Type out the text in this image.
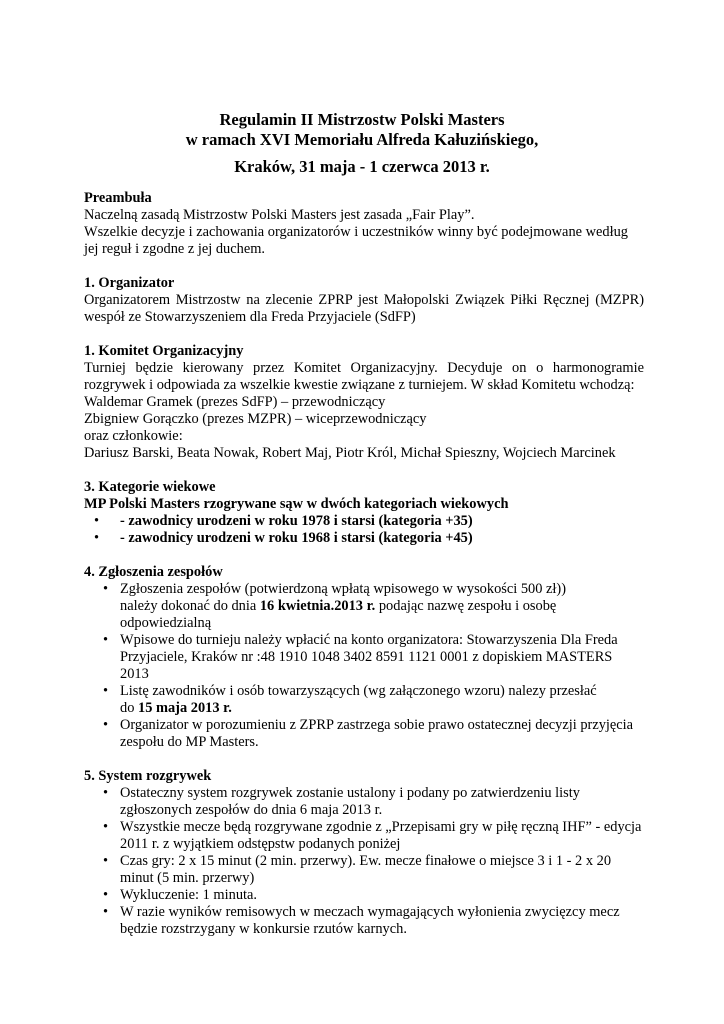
Regulamin II Mistrzostw Polski Masters
w ramach XVI Memoriału Alfreda Kałuzińskiego,
Kraków, 31 maja - 1 czerwca 2013 r.

Preambuła

Naczelną zasadą Mistrzostw Polski Masters jest zasada „Fair Play”.

Wszelkie decyzje i zachowania organizatorów i uczestników winny być podejmowane według jej reguł i zgodne z jej duchem.

1. Organizator

Organizatorem Mistrzostw na zlecenie ZPRP jest Małopolski Związek Piłki Ręcznej (MZPR) wespół ze Stowarzyszeniem dla Freda Przyjaciele (SdFP)

1. Komitet Organizacyjny

Turniej będzie kierowany przez Komitet Organizacyjny. Decyduje on o harmonogramie rozgrywek i odpowiada za wszelkie kwestie związane z turniejem. W skład Komitetu wchodzą:

Waldemar Gramek (prezes SdFP) – przewodniczący

Zbigniew Gorączko (prezes MZPR) – wiceprzewodniczący

oraz członkowie:

Dariusz Barski, Beata Nowak, Robert Maj, Piotr Król, Michał Spieszny, Wojciech Marcinek

3. Kategorie wiekowe

MP Polski Masters rzogrywane sąw w dwóch kategoriach wiekowych

• - zawodnicy urodzeni w roku 1978 i starsi (kategoria +35)
• - zawodnicy urodzeni w roku 1968 i starsi (kategoria +45)

4. Zgłoszenia zespołów

• Zgłoszenia zespołów (potwierdzoną wpłatą wpisowego w wysokości 500 zł)) należy dokonać do dnia 16 kwietnia.2013 r. podając nazwę zespołu i osobę odpowiedzialną
• Wpisowe do turnieju należy wpłacić na konto organizatora: Stowarzyszenia Dla Freda Przyjaciele, Kraków nr :48 1910 1048 3402 8591 1121 0001 z dopiskiem MASTERS 2013
• Listę zawodników i osób towarzyszących (wg załączonego wzoru) nalezy przesłać
do 15 maja 2013 r.
• Organizator w porozumieniu z ZPRP zastrzega sobie prawo ostatecznej decyzji przyjęcia zespołu do MP Masters.

5. System rozgrywek

• Ostateczny system rozgrywek zostanie ustalony i podany po zatwierdzeniu listy zgłoszonych zespołów do dnia 6 maja 2013 r.
• Wszystkie mecze będą rozgrywane zgodnie z „Przepisami gry w piłę ręczną IHF” - edycja 2011 r. z wyjątkiem odstępstw podanych poniżej
• Czas gry: 2 x 15 minut (2 min. przerwy). Ew. mecze finałowe o miejsce 3 i 1 - 2 x 20 minut (5 min. przerwy)
• Wykluczenie: 1 minuta.
• W razie wyników remisowych w meczach wymagających wyłonienia zwycięzcy mecz będzie rozstrzygany w konkursie rzutów karnych.
